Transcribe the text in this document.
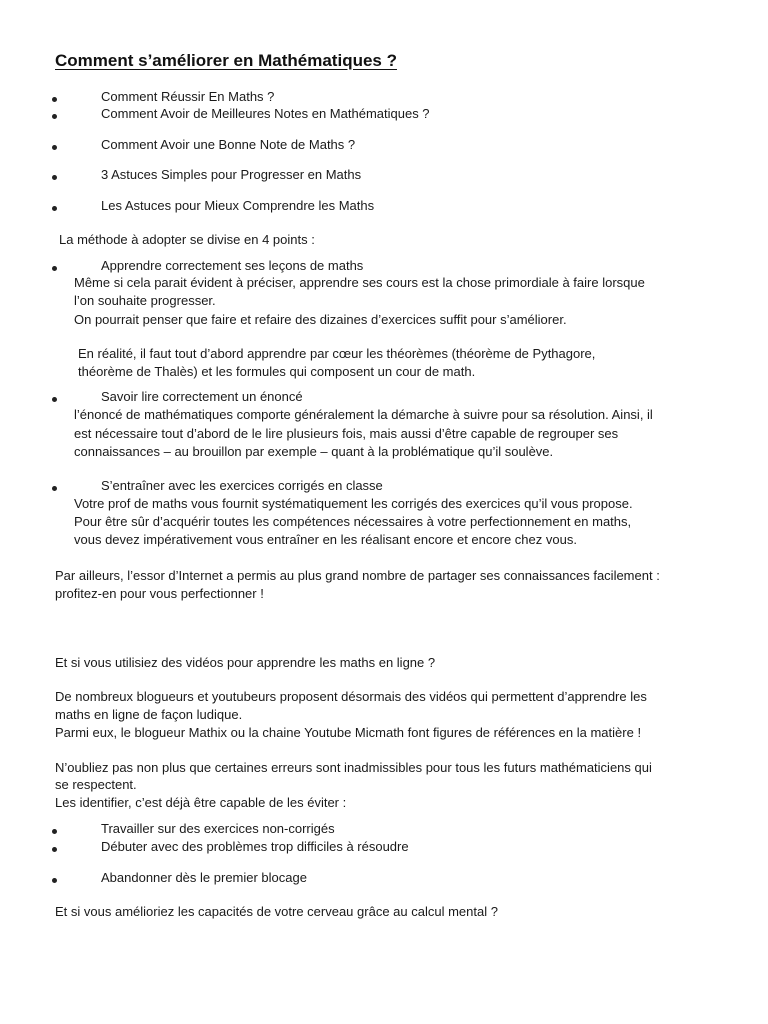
Comment s’améliorer en Mathématiques ?
Comment Réussir En Maths ?
Comment Avoir de Meilleures Notes en Mathématiques ?
Comment Avoir une Bonne Note de Maths ?
3 Astuces Simples pour Progresser en Maths
Les Astuces pour Mieux Comprendre les Maths
La méthode à adopter se divise en 4 points :
Apprendre correctement ses leçons de maths
Même si cela parait évident à préciser, apprendre ses cours est la chose primordiale à faire lorsque
l’on souhaite progresser.
On pourrait penser que faire et refaire des dizaines d’exercices suffit pour s’améliorer.
En réalité, il faut tout d’abord apprendre par cœur les théorèmes (théorème de Pythagore,
théorème de Thalès) et les formules qui composent un cour de math.
Savoir lire correctement un énoncé
l’énoncé de mathématiques comporte généralement la démarche à suivre pour sa résolution. Ainsi, il
est nécessaire tout d’abord de le lire plusieurs fois, mais aussi d’être capable de regrouper ses
connaissances – au brouillon par exemple – quant à la problématique qu’il soulève.
S’entraîner avec les exercices corrigés en classe
Votre prof de maths vous fournit systématiquement les corrigés des exercices qu’il vous propose.
Pour être sûr d’acquérir toutes les compétences nécessaires à votre perfectionnement en maths,
vous devez impérativement vous entraîner en les réalisant encore et encore chez vous.
Par ailleurs, l’essor d’Internet a permis au plus grand nombre de partager ses connaissances facilement :
profitez-en pour vous perfectionner !
Et si vous utilisiez des vidéos pour apprendre les maths en ligne ?
De nombreux blogueurs et youtubeurs proposent désormais des vidéos qui permettent d’apprendre les
maths en ligne de façon ludique.
Parmi eux, le blogueur Mathix ou la chaine Youtube Micmath font figures de références en la matière !
N’oubliez pas non plus que certaines erreurs sont inadmissibles pour tous les futurs mathématiciens qui
se respectent.
Les identifier, c’est déjà être capable de les éviter :
Travailler sur des exercices non-corrigés
Débuter avec des problèmes trop difficiles à résoudre
Abandonner dès le premier blocage
Et si vous amélioriez les capacités de votre cerveau grâce au calcul mental ?
